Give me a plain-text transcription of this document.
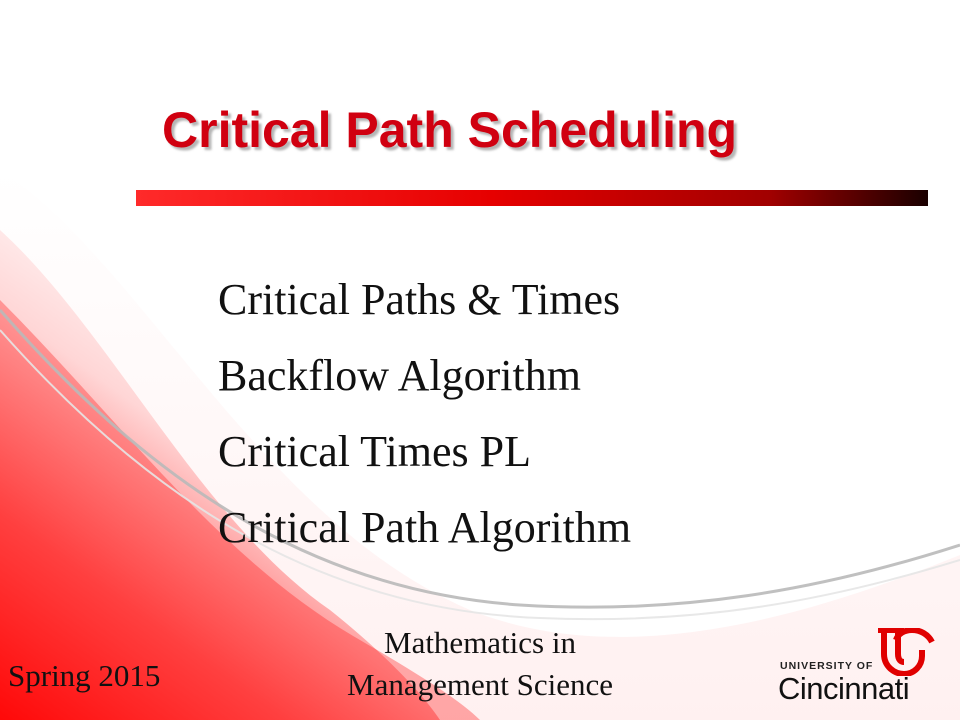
Critical Path Scheduling
Critical Paths & Times
Backflow Algorithm
Critical Times PL
Critical Path Algorithm
Mathematics in
Management Science
Spring 2015	UNIVERSITY OF
Cincinnati
